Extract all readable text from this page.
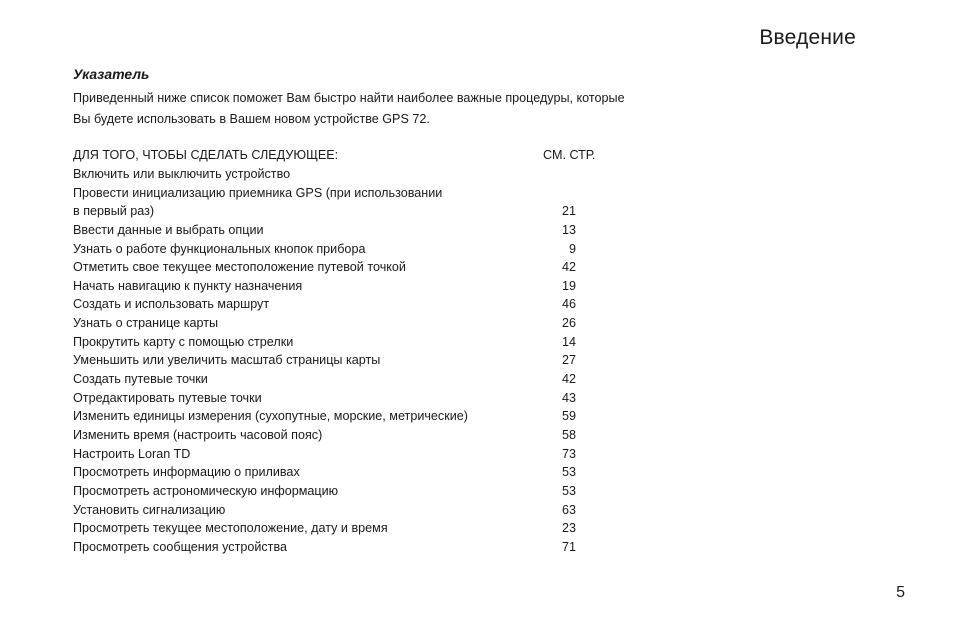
Введение
Указатель
Приведенный ниже список поможет Вам быстро найти наиболее важные процедуры, которые
Вы будете использовать в Вашем новом устройстве GPS 72.
ДЛЯ ТОГО, ЧТОБЫ СДЕЛАТЬ СЛЕДУЮЩЕЕ:	СМ. СТР.
Включить или выключить устройство
Провести инициализацию приемника GPS (при использовании
в первый раз)	21
Ввести данные и выбрать опции	13
Узнать о работе функциональных кнопок прибора	9
Отметить свое текущее местоположение путевой точкой	42
Начать навигацию к пункту назначения	19
Создать и использовать маршрут	46
Узнать о странице карты	26
Прокрутить карту с помощью стрелки	14
Уменьшить или увеличить масштаб страницы карты	27
Создать путевые точки	42
Отредактировать путевые точки	43
Изменить единицы измерения (сухопутные, морские, метрические)	59
Изменить время (настроить часовой пояс)	58
Настроить Loran TD	73
Просмотреть информацию о приливах	53
Просмотреть астрономическую информацию	53
Установить сигнализацию	63
Просмотреть текущее местоположение, дату и время	23
Просмотреть сообщения устройства	71
5
